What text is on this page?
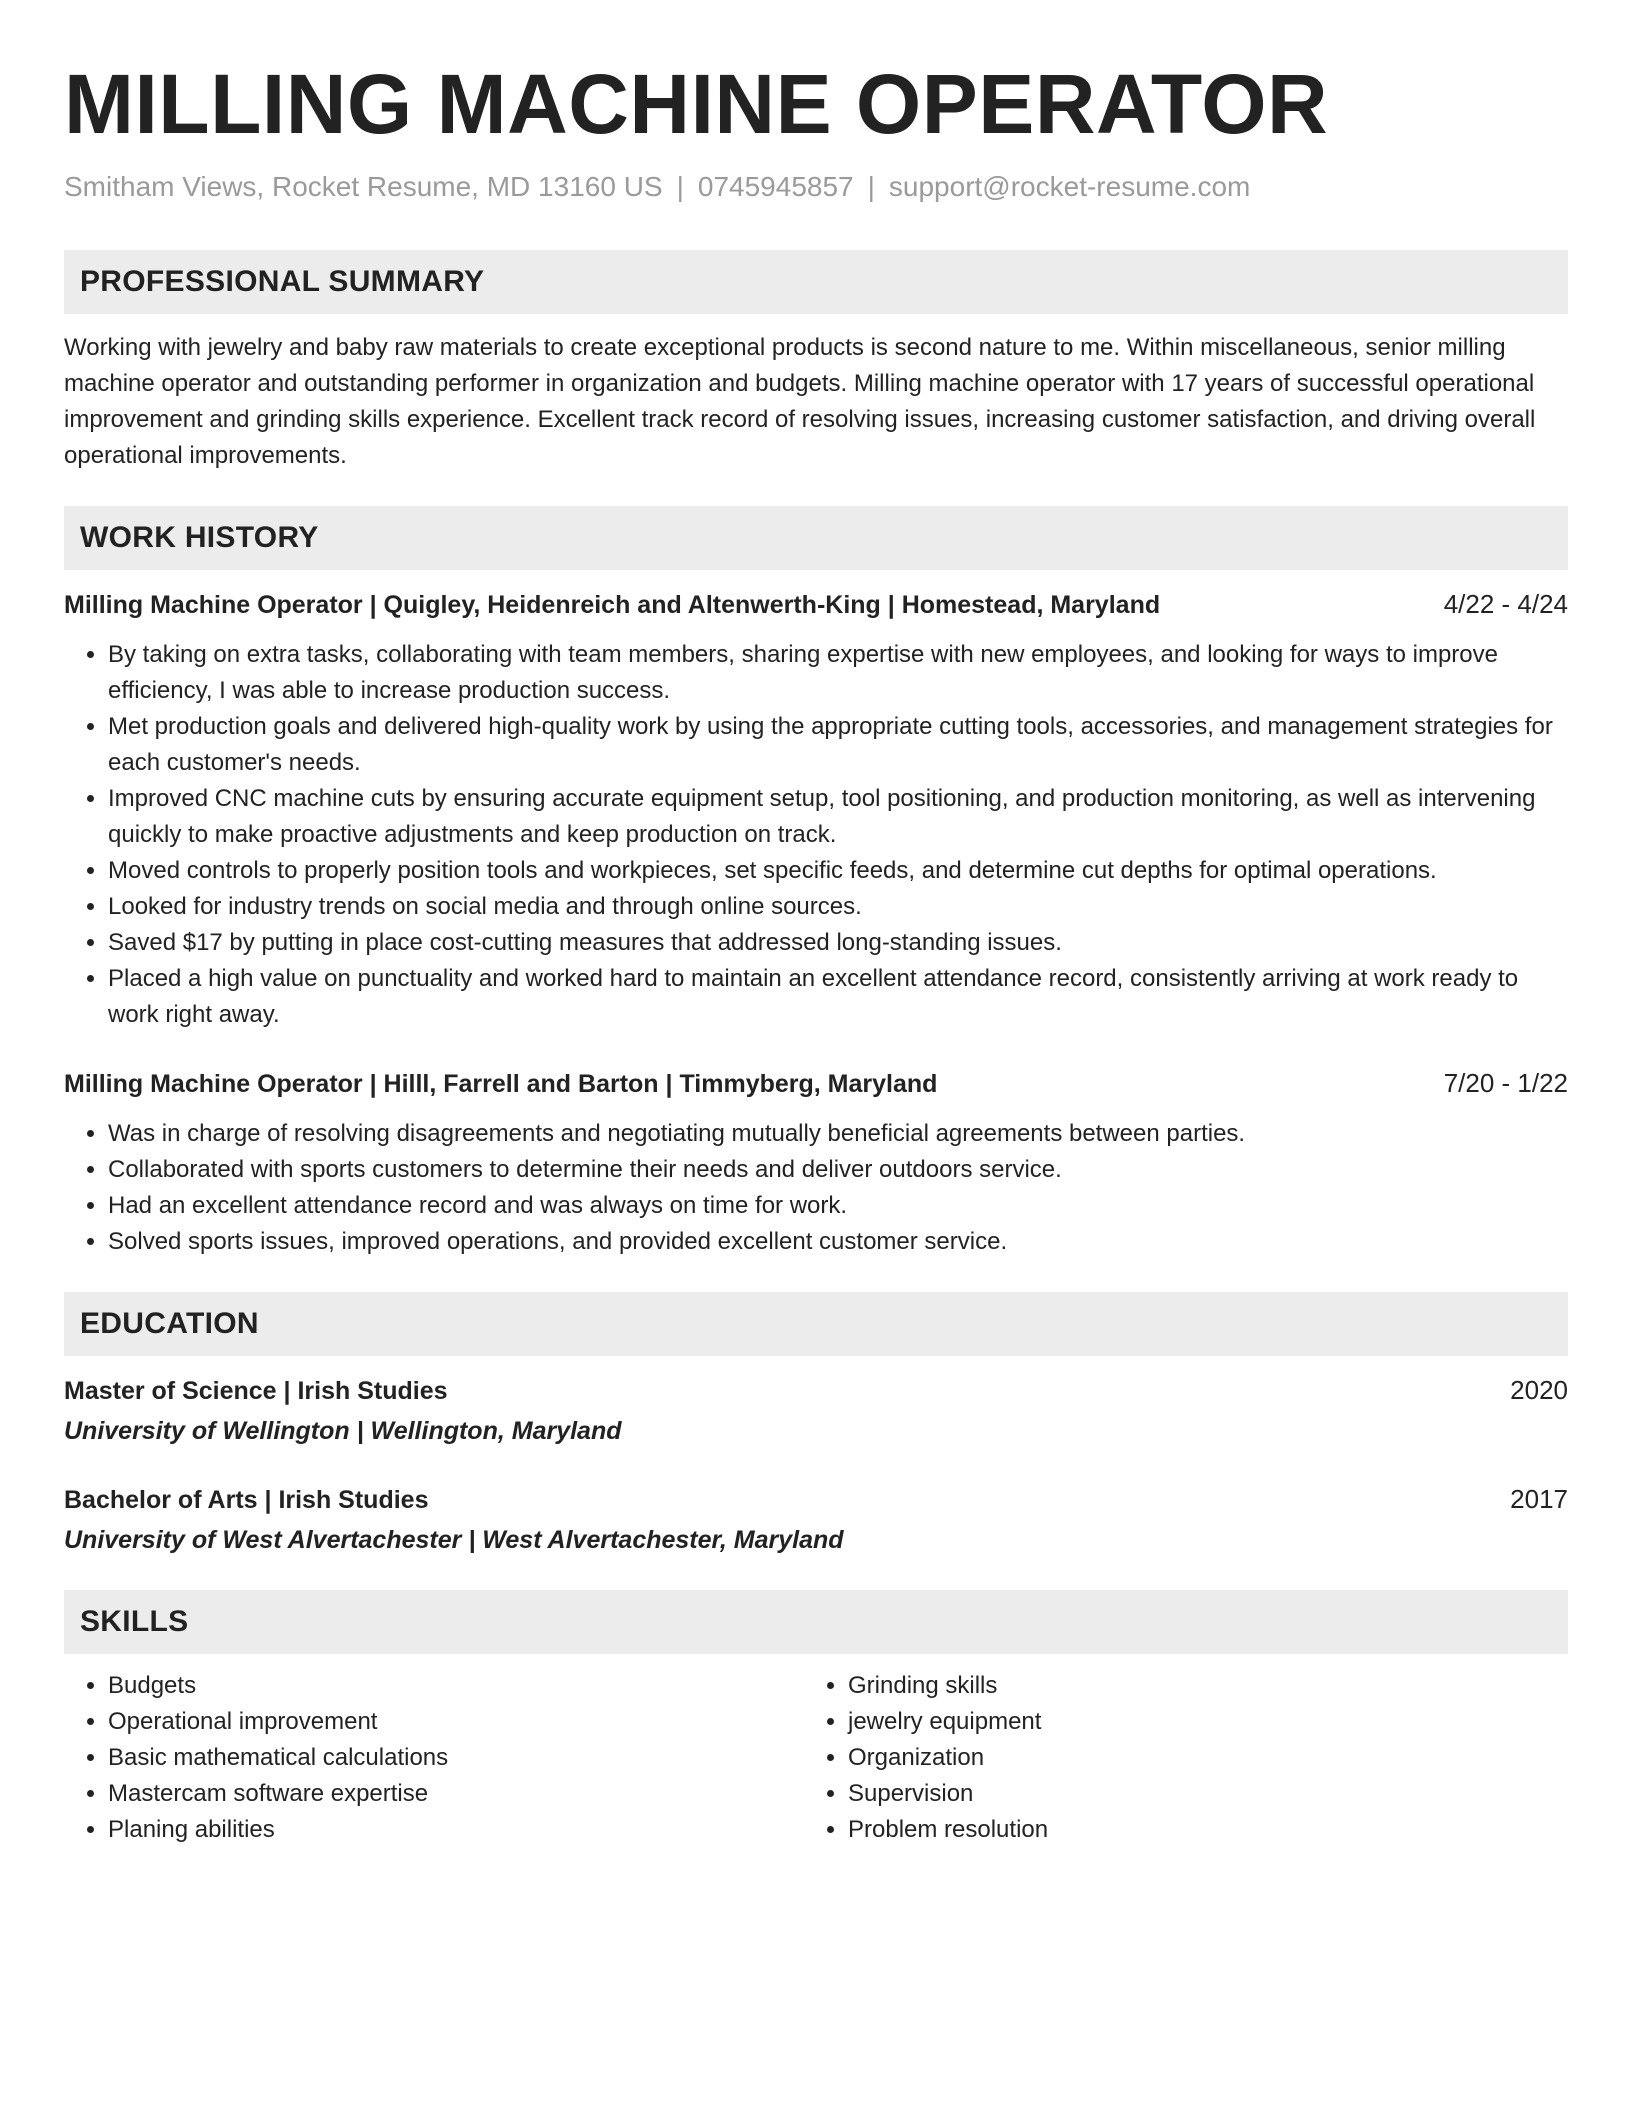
MILLING MACHINE OPERATOR
Smitham Views, Rocket Resume, MD 13160 US | 0745945857 | support@rocket-resume.com
PROFESSIONAL SUMMARY
Working with jewelry and baby raw materials to create exceptional products is second nature to me. Within miscellaneous, senior milling machine operator and outstanding performer in organization and budgets. Milling machine operator with 17 years of successful operational improvement and grinding skills experience. Excellent track record of resolving issues, increasing customer satisfaction, and driving overall operational improvements.
WORK HISTORY
Milling Machine Operator | Quigley, Heidenreich and Altenwerth-King | Homestead, Maryland	4/22 - 4/24
• By taking on extra tasks, collaborating with team members, sharing expertise with new employees, and looking for ways to improve efficiency, I was able to increase production success.
• Met production goals and delivered high-quality work by using the appropriate cutting tools, accessories, and management strategies for each customer's needs.
• Improved CNC machine cuts by ensuring accurate equipment setup, tool positioning, and production monitoring, as well as intervening quickly to make proactive adjustments and keep production on track.
• Moved controls to properly position tools and workpieces, set specific feeds, and determine cut depths for optimal operations.
• Looked for industry trends on social media and through online sources.
• Saved $17 by putting in place cost-cutting measures that addressed long-standing issues.
• Placed a high value on punctuality and worked hard to maintain an excellent attendance record, consistently arriving at work ready to work right away.
Milling Machine Operator | Hilll, Farrell and Barton | Timmyberg, Maryland	7/20 - 1/22
• Was in charge of resolving disagreements and negotiating mutually beneficial agreements between parties.
• Collaborated with sports customers to determine their needs and deliver outdoors service.
• Had an excellent attendance record and was always on time for work.
• Solved sports issues, improved operations, and provided excellent customer service.
EDUCATION
Master of Science | Irish Studies	2020
University of Wellington | Wellington, Maryland
Bachelor of Arts | Irish Studies	2017
University of West Alvertachester | West Alvertachester, Maryland
SKILLS
• Budgets
• Operational improvement
• Basic mathematical calculations
• Mastercam software expertise
• Planing abilities
• Grinding skills
• jewelry equipment
• Organization
• Supervision
• Problem resolution
